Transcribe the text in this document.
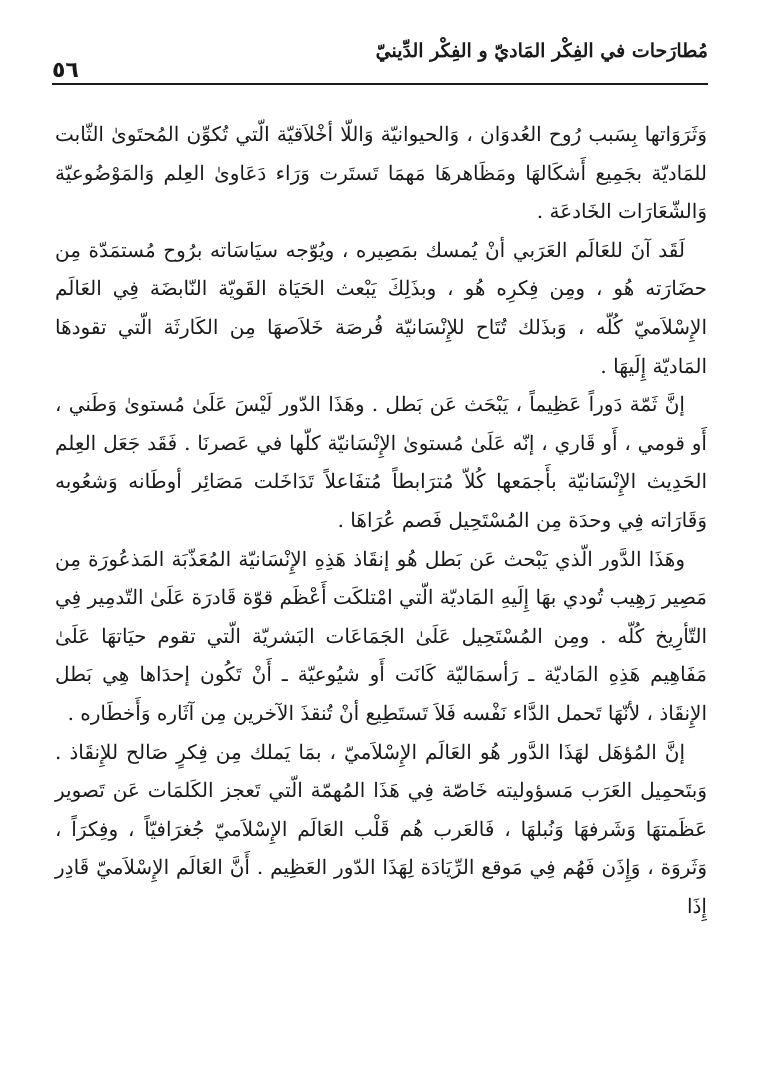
٥٦
مُطارَحات في الفِكْر المَاديّ و الفِكْر الدِّينيّ

وَثَرَوَاتها بِسَبب رُوح العُدوَان ، وَالحيوانيّة وَاللّا أخْلاَقيّة الّتي تُكوِّن المُحتَوىٰ الثّابت للمَاديّة بجَمِيع أَشكَالهَا ومَظَاهرهَا مَهمَا تَستَرت وَرَاء دَعَاوىٰ العِلم وَالمَوْضُوعيّة وَالشّعَارَات الخَادعَة .

لَقَد آنَ للعَالَم العَرَبي أنْ يُمسك بمَصِيره ، ويُوّجه سيَاسَاته برُوح مُستمَدّة مِن حضَارَته هُو ، ومِن فِكرِه هُو ، وبذَلِكَ يَبْعث الحَيَاة القَويّة النّابضَة فِي العَالَم الإِسْلاَميّ كُلّه ، وَبذَلك تُتَاح للإِنْسَانيّة فُرصَة خَلاَصهَا مِن الكَارثَة الّتي تقودهَا المَاديّة إِلَيهَا .

إنَّ ثَمّة دَوراً عَظِيماً ، يَبْحَث عَن بَطل . وهَذَا الدّور لَيْسَ عَلَىٰ مُستوىٰ وَطَني ، أَو قومي ، أَو قَاري ، إنّه عَلَىٰ مُستوىٰ الإِنْسَانيّة كلّها في عَصرنَا . فَقَد جَعَل العِلم الحَدِيث الإِنْسَانيّة بأَجمَعها كُلاّ مُترَابطاً مُتفَاعلاً تَدَاخَلت مَصَائِر أوطَانه وَشعُوبه وَقَارَاته فِي وحدَة مِن المُسْتَحِيل فَصم عُرَاهَا .

وهَذَا الدَّور الّذي يَبْحث عَن بَطل هُو إنقَاذ هَذِهِ الإِنْسَانيّة المُعَذّبَة المَذعُورَة مِن مَصِير رَهِيب تُودي بهَا إِلَيهِ المَاديّة الّتي امْتلكَت أَعْظَم قوّة قَادرَة عَلَىٰ التّدمِير فِي التّأرِيخ كُلّه . ومِن المُسْتَحِيل عَلَىٰ الجَمَاعَات البَشريّة الّتي تقوم حيَاتهَا عَلَىٰ مَفَاهِيم هَذِهِ المَاديّة ـ رَأسمَاليّة كَانَت أَو شيُوعيّة ـ أَنْ تَكُون إحدَاها هِي بَطل الإِنقَاذ ، لأنّهَا تَحمل الدَّاء نَفْسه فَلاَ تَستَطِيع أنْ تُنقذَ الآخرين مِن آثَاره وَأَخطَاره .

إنَّ المُؤهَل لهَذَا الدَّور هُو العَالَم الإِسْلاَميّ ، بمَا يَملك مِن فِكرٍ صَالح للإِنقَاذ . وَبتَحمِيل العَرَب مَسؤوليته خَاصّة فِي هَذَا المُهمّة الّتي تَعجز الكَلمَات عَن تَصوير عَظَمتهَا وَشَرفهَا وَنُبلهَا ، فَالعَرب هُم قَلْب العَالَم الإِسْلاَميّ جُغرَافيّاً ، وفِكرَاً ، وَثَروَة ، وَإِذَن فَهُم فِي مَوقع الرِّيَادَة لِهَذَا الدّور العَظِيم . أَنَّ العَالَم الإِسْلاَميّ قَادِر إِذَا
